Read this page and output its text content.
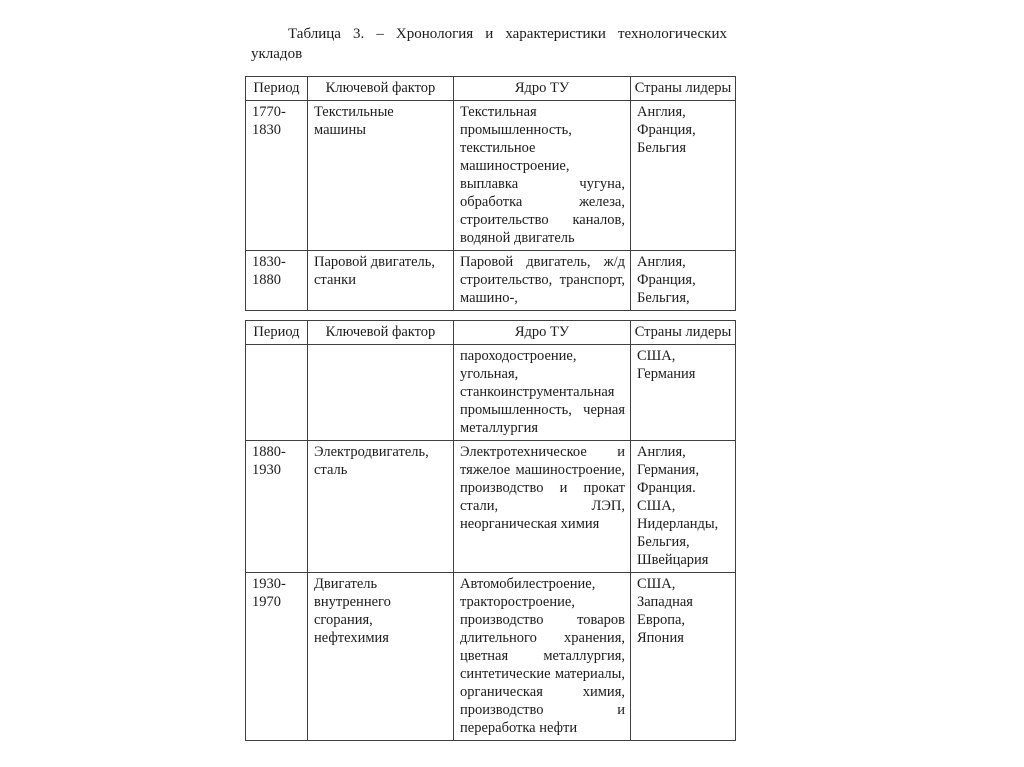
Таблица 3. – Хронология и характеристики технологических укладов

Период	Ключевой фактор	Ядро ТУ	Страны лидеры
1770-1830	Текстильные машины	Текстильная промышленность, текстильное машиностроение, выплавка чугуна, обработка железа, строительство каналов, водяной двигатель	Англия, Франция, Бельгия
1830-1880	Паровой двигатель, станки	Паровой двигатель, ж/д строительство, транспорт, машино-,	Англия, Франция, Бельгия,
Период	Ключевой фактор	Ядро ТУ	Страны лидеры
		пароходостроение, угольная, станкоинструментальная промышленность, черная металлургия	США, Германия
1880-1930	Электродвигатель, сталь	Электротехническое и тяжелое машиностроение, производство и прокат стали, ЛЭП, неорганическая химия	Англия, Германия, Франция. США, Нидерланды, Бельгия, Швейцария
1930-1970	Двигатель внутреннего сгорания, нефтехимия	Автомобилестроение, тракторостроение, производство товаров длительного хранения, цветная металлургия, синтетические материалы, органическая химия, производство и переработка нефти	США, Западная Европа, Япония
